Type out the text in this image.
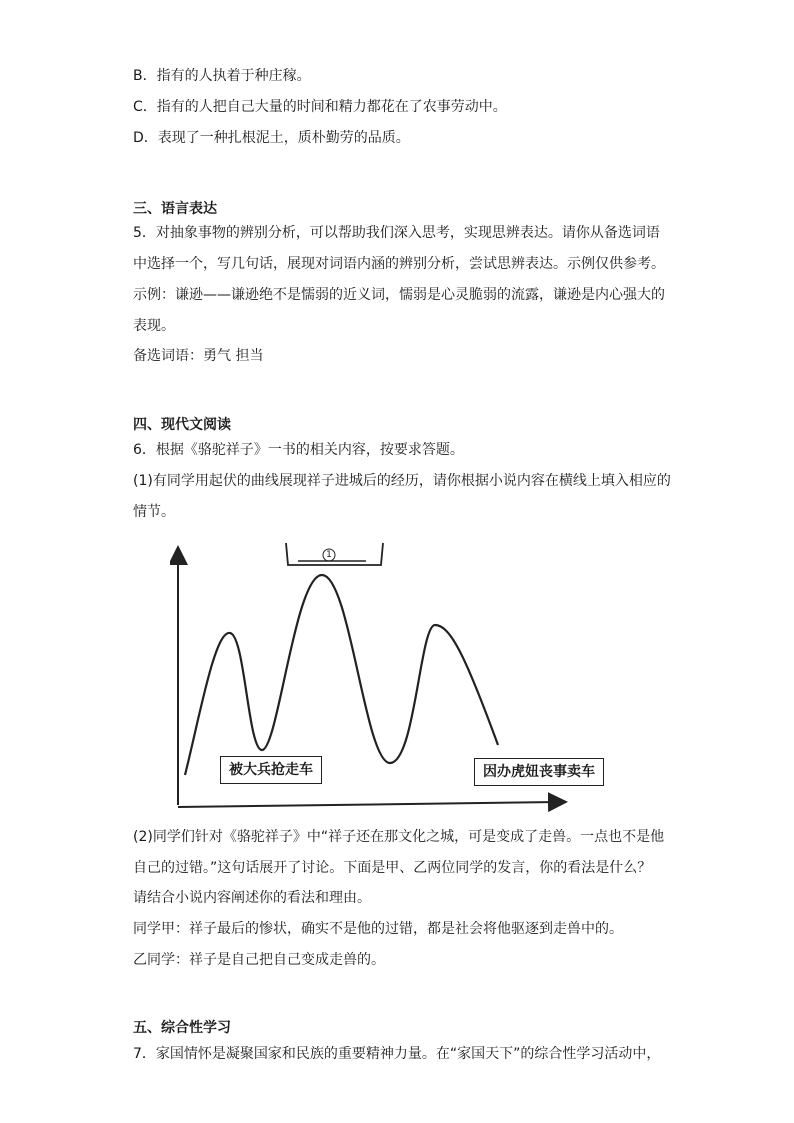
B．指有的人执着于种庄稼。
C．指有的人把自己大量的时间和精力都花在了农事劳动中。
D．表现了一种扎根泥土，质朴勤劳的品质。
三、语言表达
5．对抽象事物的辨别分析，可以帮助我们深入思考，实现思辨表达。请你从备选词语
中选择一个，写几句话，展现对词语内涵的辨别分析，尝试思辨表达。示例仅供参考。
示例：谦逊——谦逊绝不是懦弱的近义词，懦弱是心灵脆弱的流露，谦逊是内心强大的
表现。
备选词语：勇气 担当
四、现代文阅读
6．根据《骆驼祥子》一书的相关内容，按要求答题。
(1)有同学用起伏的曲线展现祥子进城后的经历，请你根据小说内容在横线上填入相应的
情节。
1
被大兵抢走车	因办虎妞丧事卖车
(2)同学们针对《骆驼祥子》中“祥子还在那文化之城，可是变成了走兽。一点也不是他
自己的过错。”这句话展开了讨论。下面是甲、乙两位同学的发言，你的看法是什么？
请结合小说内容阐述你的看法和理由。
同学甲：祥子最后的惨状，确实不是他的过错，都是社会将他驱逐到走兽中的。
乙同学：祥子是自己把自己变成走兽的。
五、综合性学习
7．家国情怀是凝聚国家和民族的重要精神力量。在“家国天下”的综合性学习活动中，
